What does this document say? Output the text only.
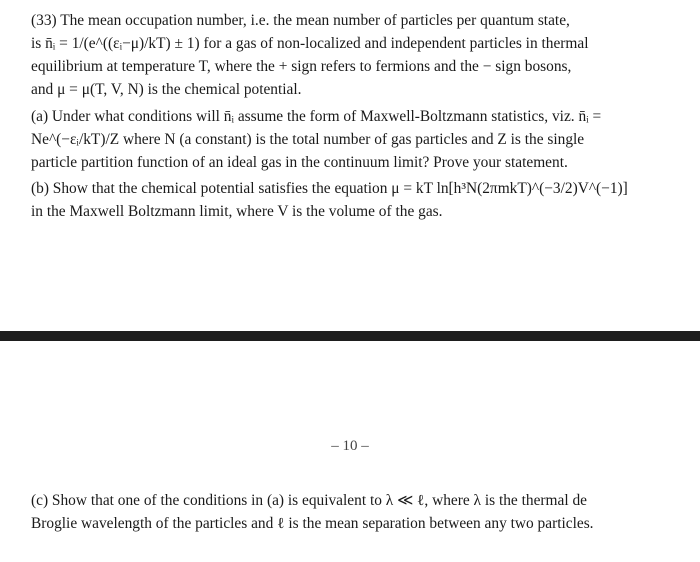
(33) The mean occupation number, i.e. the mean number of particles per quantum state,
is n̄ᵢ = 1/(e^((εᵢ−μ)/kT) ± 1) for a gas of non-localized and independent particles in thermal
equilibrium at temperature T, where the + sign refers to fermions and the − sign bosons,
and μ = μ(T, V, N) is the chemical potential.
(a) Under what conditions will n̄ᵢ assume the form of Maxwell-Boltzmann statistics, viz. n̄ᵢ =
Ne^(−εᵢ/kT)/Z where N (a constant) is the total number of gas particles and Z is the single
particle partition function of an ideal gas in the continuum limit? Prove your statement.
(b) Show that the chemical potential satisfies the equation μ = kT ln[h³N(2πmkT)^(−3/2)V^(−1)]
in the Maxwell Boltzmann limit, where V is the volume of the gas.
– 10 –
(c) Show that one of the conditions in (a) is equivalent to λ ≪ ℓ, where λ is the thermal de
Broglie wavelength of the particles and ℓ is the mean separation between any two particles.
